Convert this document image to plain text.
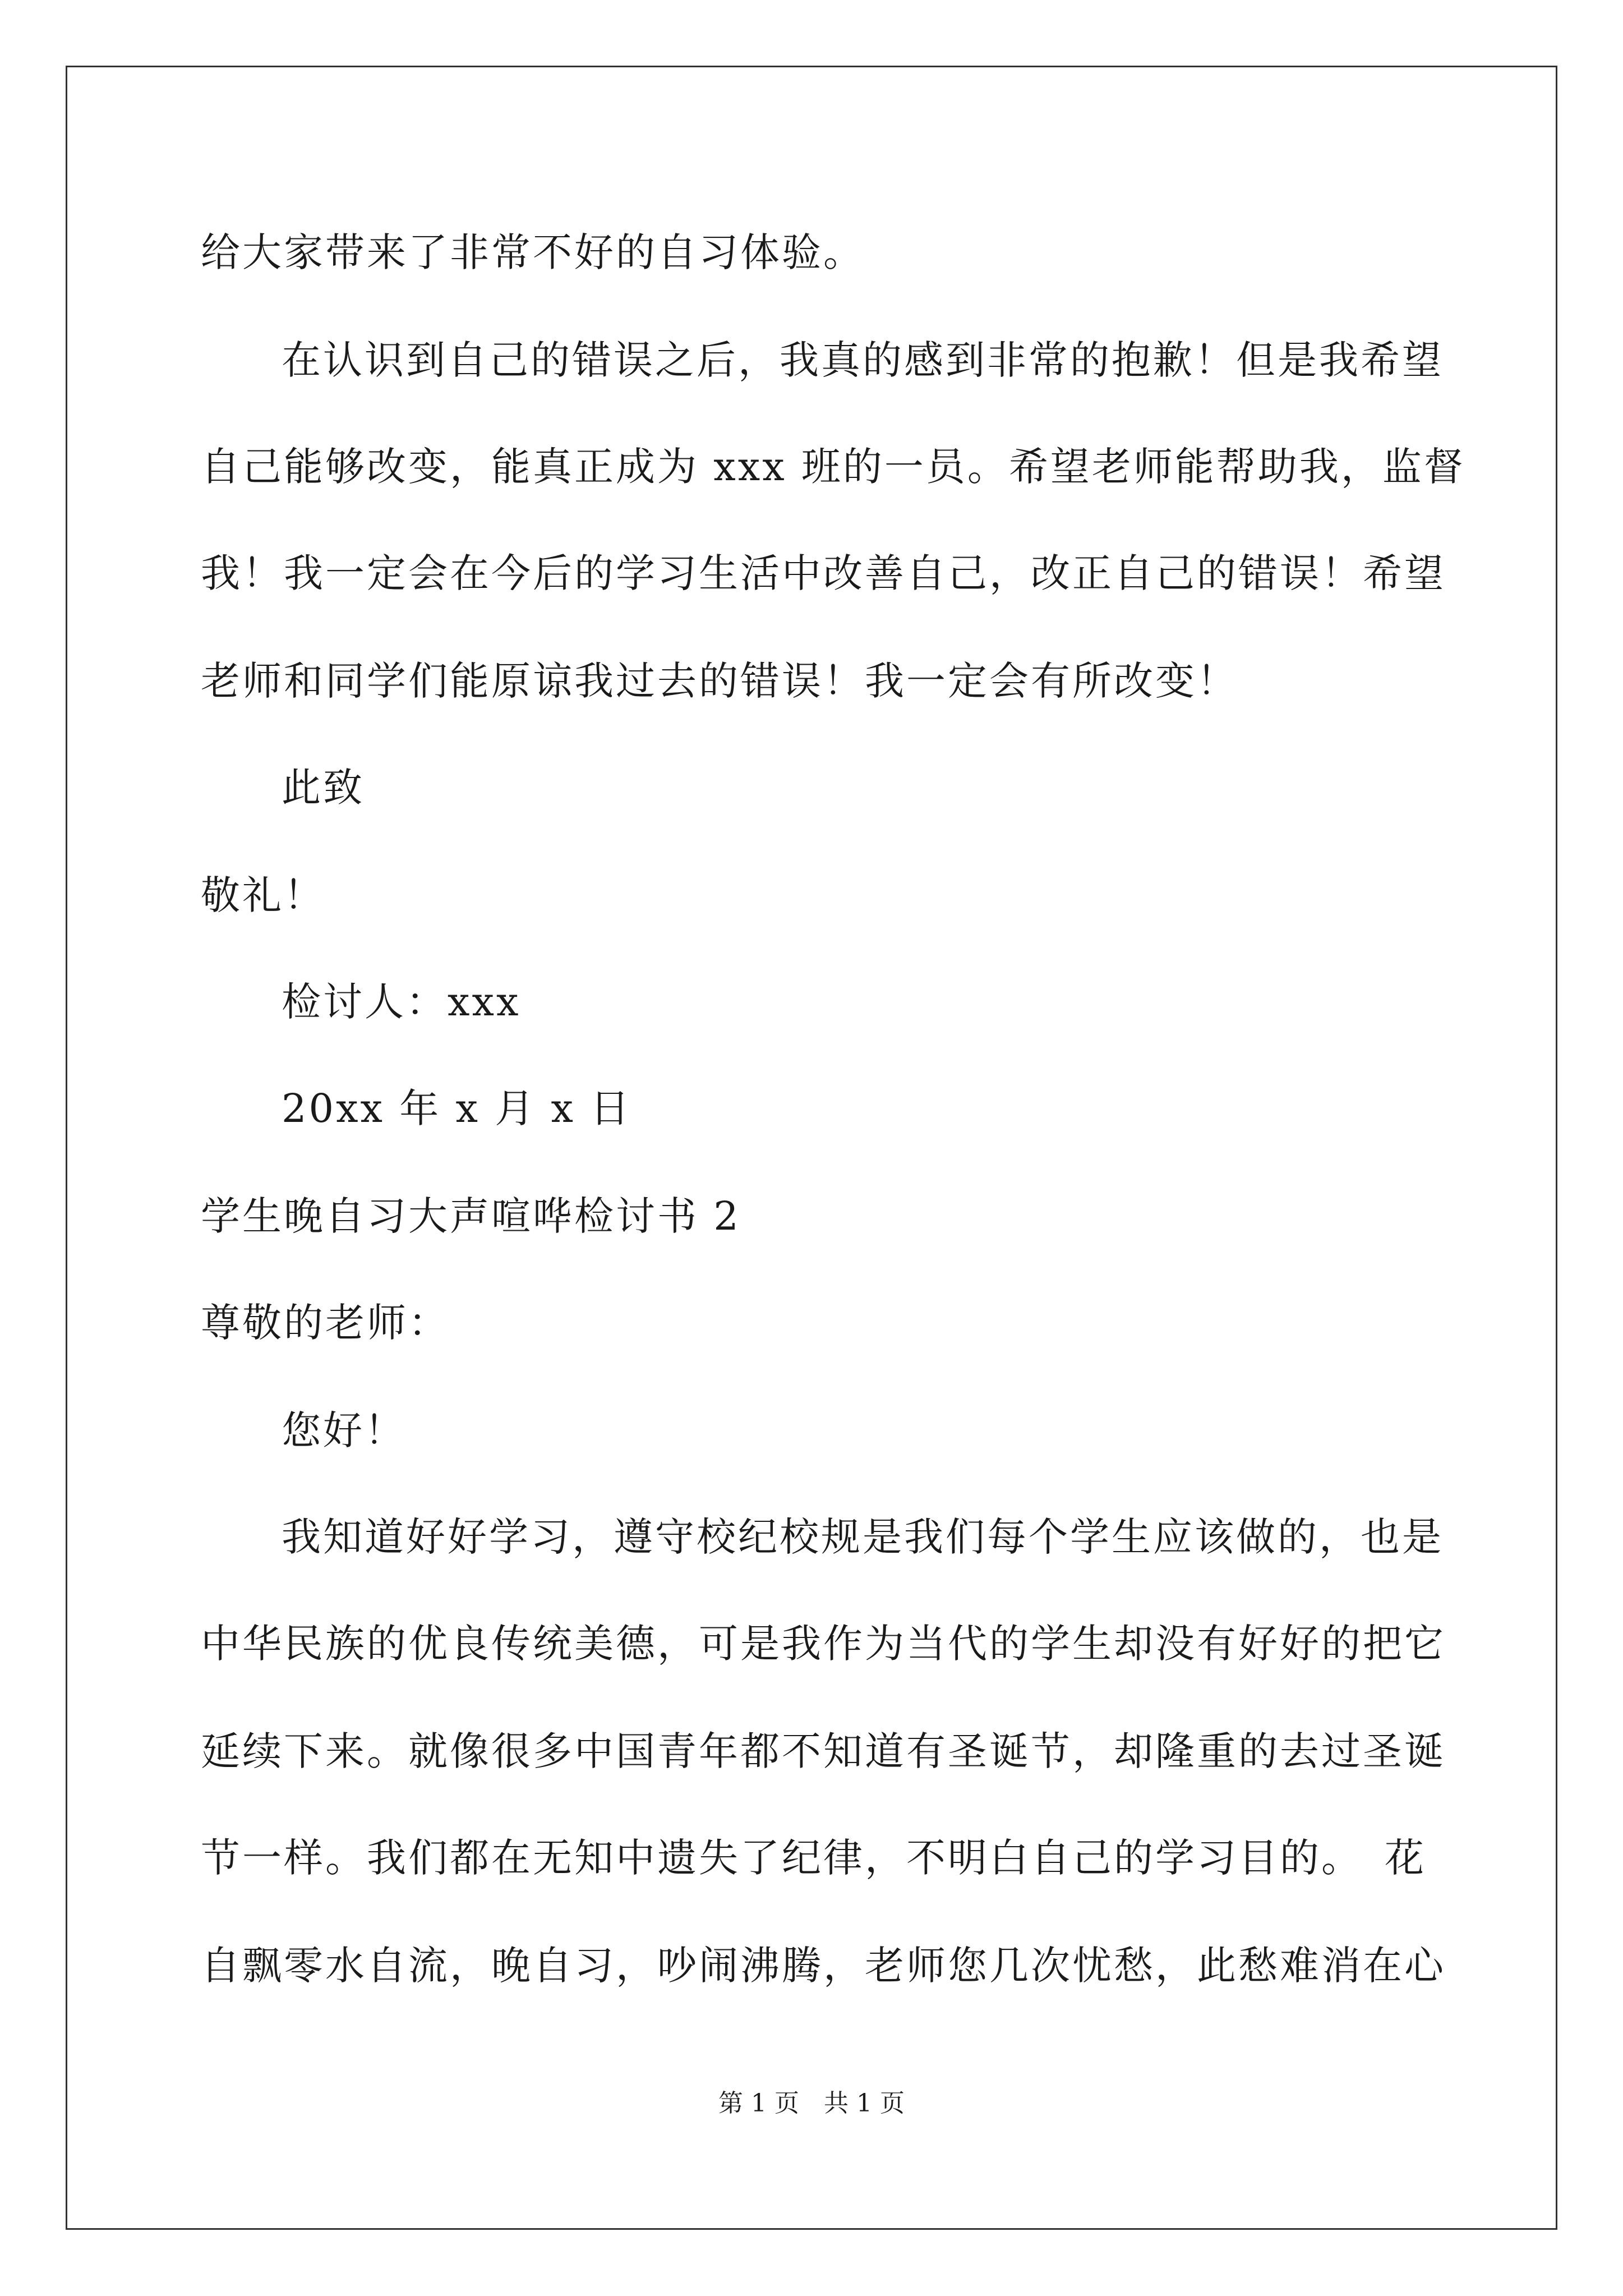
给大家带来了非常不好的自习体验。
在认识到自己的错误之后，我真的感到非常的抱歉！但是我希望
自己能够改变，能真正成为 xxx 班的一员。希望老师能帮助我，监督
我！我一定会在今后的学习生活中改善自己，改正自己的错误！希望
老师和同学们能原谅我过去的错误！我一定会有所改变！
此致
敬礼！
检讨人：xxx
20xx 年 x 月 x 日
学生晚自习大声喧哗检讨书 2
尊敬的老师：
您好！
我知道好好学习，遵守校纪校规是我们每个学生应该做的，也是
中华民族的优良传统美德，可是我作为当代的学生却没有好好的把它
延续下来。就像很多中国青年都不知道有圣诞节，却隆重的去过圣诞
节一样。我们都在无知中遗失了纪律，不明白自己的学习目的。　花
自飘零水自流，晚自习，吵闹沸腾，老师您几次忧愁，此愁难消在心
第 1 页　共 1 页
